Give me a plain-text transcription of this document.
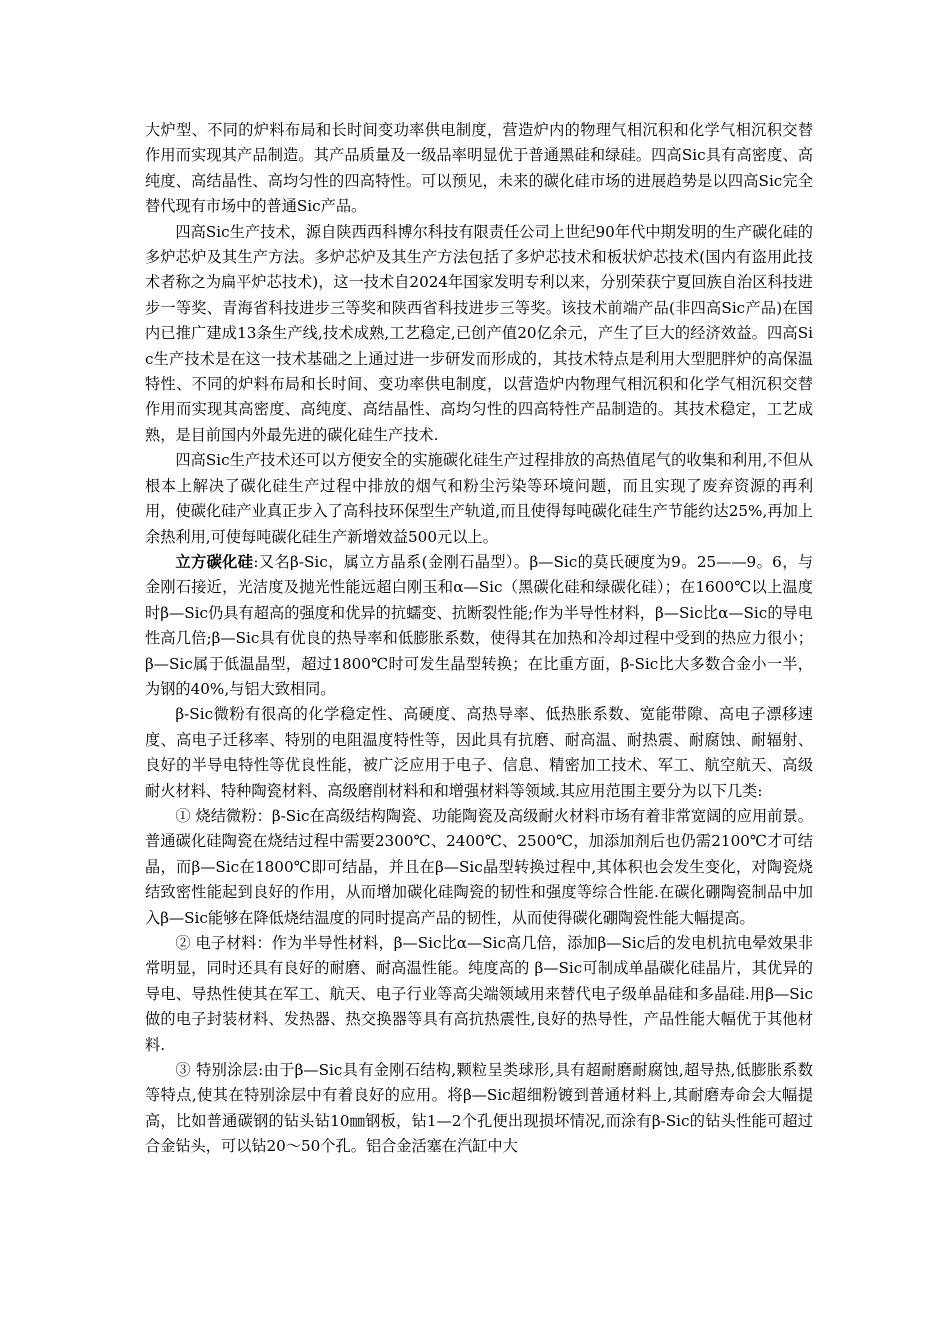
大炉型、不同的炉料布局和长时间变功率供电制度，营造炉内的物理气相沉积和化学气相沉积交替作用而实现其产品制造。其产品质量及一级品率明显优于普通黑硅和绿硅。四高Sic具有高密度、高纯度、高结晶性、高均匀性的四高特性。可以预见，未来的碳化硅市场的进展趋势是以四高Sic完全替代现有市场中的普通Sic产品。

四高Sic生产技术，源自陕西西科博尔科技有限责任公司上世纪90年代中期发明的生产碳化硅的多炉芯炉及其生产方法。多炉芯炉及其生产方法包括了多炉芯技术和板状炉芯技术(国内有盗用此技术者称之为扁平炉芯技术)，这一技术自2024年国家发明专利以来，分别荣获宁夏回族自治区科技进步一等奖、青海省科技进步三等奖和陕西省科技进步三等奖。该技术前端产品(非四高Sic产品)在国内已推广建成13条生产线,技术成熟,工艺稳定,已创产值20亿余元，产生了巨大的经济效益。四高Sic生产技术是在这一技术基础之上通过进一步研发而形成的，其技术特点是利用大型肥胖炉的高保温特性、不同的炉料布局和长时间、变功率供电制度，以营造炉内物理气相沉积和化学气相沉积交替作用而实现其高密度、高纯度、高结晶性、高均匀性的四高特性产品制造的。其技术稳定，工艺成熟，是目前国内外最先进的碳化硅生产技术.

四高Sic生产技术还可以方便安全的实施碳化硅生产过程排放的高热值尾气的收集和利用,不但从根本上解决了碳化硅生产过程中排放的烟气和粉尘污染等环境问题，而且实现了废弃资源的再利用，使碳化硅产业真正步入了高科技环保型生产轨道,而且使得每吨碳化硅生产节能约达25%,再加上余热利用,可使每吨碳化硅生产新增效益500元以上。

立方碳化硅:又名β-Sic，属立方晶系(金刚石晶型）。β—Sic的莫氏硬度为9。25——9。6，与金刚石接近，光洁度及抛光性能远超白刚玉和α—Sic（黑碳化硅和绿碳化硅）；在1600℃以上温度时β—Sic仍具有超高的强度和优异的抗蠕变、抗断裂性能;作为半导性材料，β—Sic比α—Sic的导电性高几倍;β—Sic具有优良的热导率和低膨胀系数，使得其在加热和冷却过程中受到的热应力很小；β—Sic属于低温晶型，超过1800℃时可发生晶型转换；在比重方面，β-Sic比大多数合金小一半，为钢的40%,与铝大致相同。

β-Sic微粉有很高的化学稳定性、高硬度、高热导率、低热胀系数、宽能带隙、高电子漂移速度、高电子迁移率、特别的电阻温度特性等，因此具有抗磨、耐高温、耐热震、耐腐蚀、耐辐射、良好的半导电特性等优良性能，被广泛应用于电子、信息、精密加工技术、军工、航空航天、高级耐火材料、特种陶瓷材料、高级磨削材料和和增强材料等领域.其应用范围主要分为以下几类:

① 烧结微粉：β-Sic在高级结构陶瓷、功能陶瓷及高级耐火材料市场有着非常宽阔的应用前景。普通碳化硅陶瓷在烧结过程中需要2300℃、2400℃、2500℃，加添加剂后也仍需2100℃才可结晶，而β—Sic在1800℃即可结晶，并且在β—Sic晶型转换过程中,其体积也会发生变化，对陶瓷烧结致密性能起到良好的作用，从而增加碳化硅陶瓷的韧性和强度等综合性能.在碳化硼陶瓷制品中加入β—Sic能够在降低烧结温度的同时提高产品的韧性，从而使得碳化硼陶瓷性能大幅提高。

② 电子材料：作为半导性材料，β—Sic比α—Sic高几倍，添加β—Sic后的发电机抗电晕效果非常明显，同时还具有良好的耐磨、耐高温性能。纯度高的 β—Sic可制成单晶碳化硅晶片，其优异的导电、导热性使其在军工、航天、电子行业等高尖端领域用来替代电子级单晶硅和多晶硅.用β—Sic做的电子封装材料、发热器、热交换器等具有高抗热震性,良好的热导性，产品性能大幅优于其他材料.

③ 特别涂层:由于β—Sic具有金刚石结构,颗粒呈类球形,具有超耐磨耐腐蚀,超导热,低膨胀系数等特点,使其在特别涂层中有着良好的应用。将β—Sic超细粉镀到普通材料上,其耐磨寿命会大幅提高，比如普通碳钢的钻头钻10㎜钢板，钻1—2个孔便出现损坏情况,而涂有β-Sic的钻头性能可超过合金钻头，可以钻20～50个孔。铝合金活塞在汽缸中大
